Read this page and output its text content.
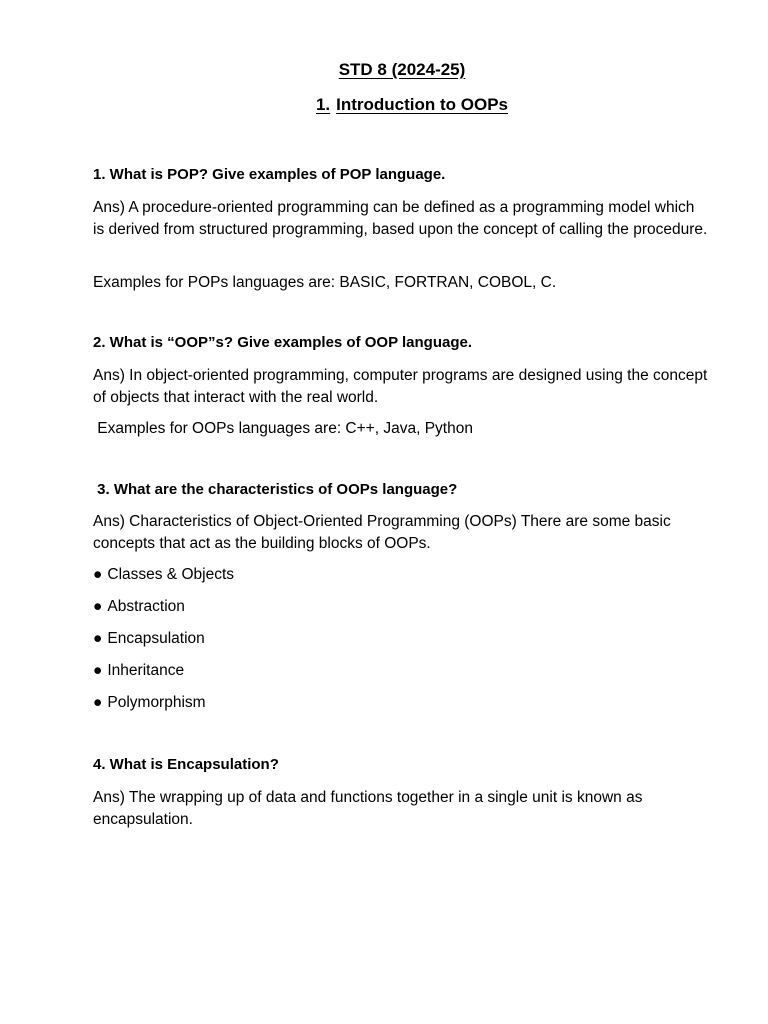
STD 8 (2024-25)
1. Introduction to OOPs
1. What is POP? Give examples of POP language.
Ans) A procedure-oriented programming can be defined as a programming model which is derived from structured programming, based upon the concept of calling the procedure.
Examples for POPs languages are: BASIC, FORTRAN, COBOL, C.
2. What is “OOP”s? Give examples of OOP language.
Ans) In object-oriented programming, computer programs are designed using the concept of objects that interact with the real world.
Examples for OOPs languages are: C++, Java, Python
3. What are the characteristics of OOPs language?
Ans) Characteristics of Object-Oriented Programming (OOPs) There are some basic concepts that act as the building blocks of OOPs.
● Classes & Objects
● Abstraction
● Encapsulation
● Inheritance
● Polymorphism
4. What is Encapsulation?
Ans) The wrapping up of data and functions together in a single unit is known as encapsulation.
